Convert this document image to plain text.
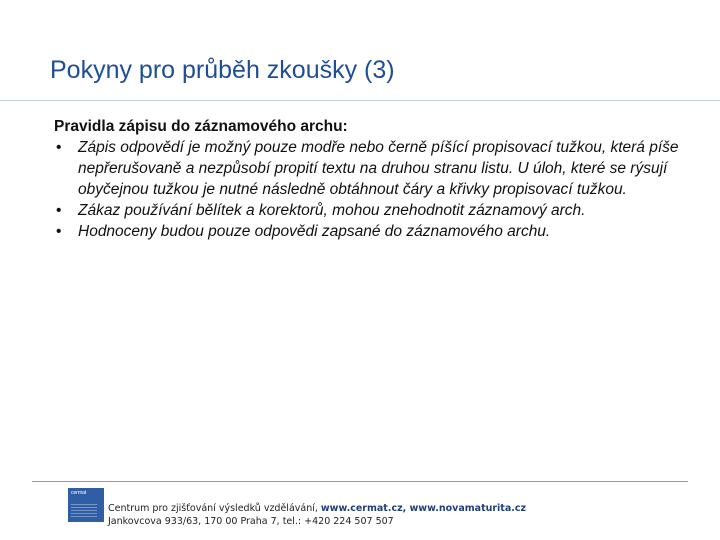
Pokyny pro průběh zkoušky (3)
Pravidla zápisu do záznamového archu:
• Zápis odpovědí je možný pouze modře nebo černě píšící propisovací tužkou, která píše nepřerušovaně a nezpůsobí propití textu na druhou stranu listu. U úloh, které se rýsují obyčejnou tužkou je nutné následně obtáhnout čáry a křivky propisovací tužkou.
• Zákaz používání bělítek a korektorů, mohou znehodnotit záznamový arch.
• Hodnoceny budou pouze odpovědi zapsané do záznamového archu.
cermat
Centrum pro zjišťování výsledků vzdělávání, www.cermat.cz, www.novamaturita.cz
Jankovcova 933/63, 170 00 Praha 7, tel.: +420 224 507 507
